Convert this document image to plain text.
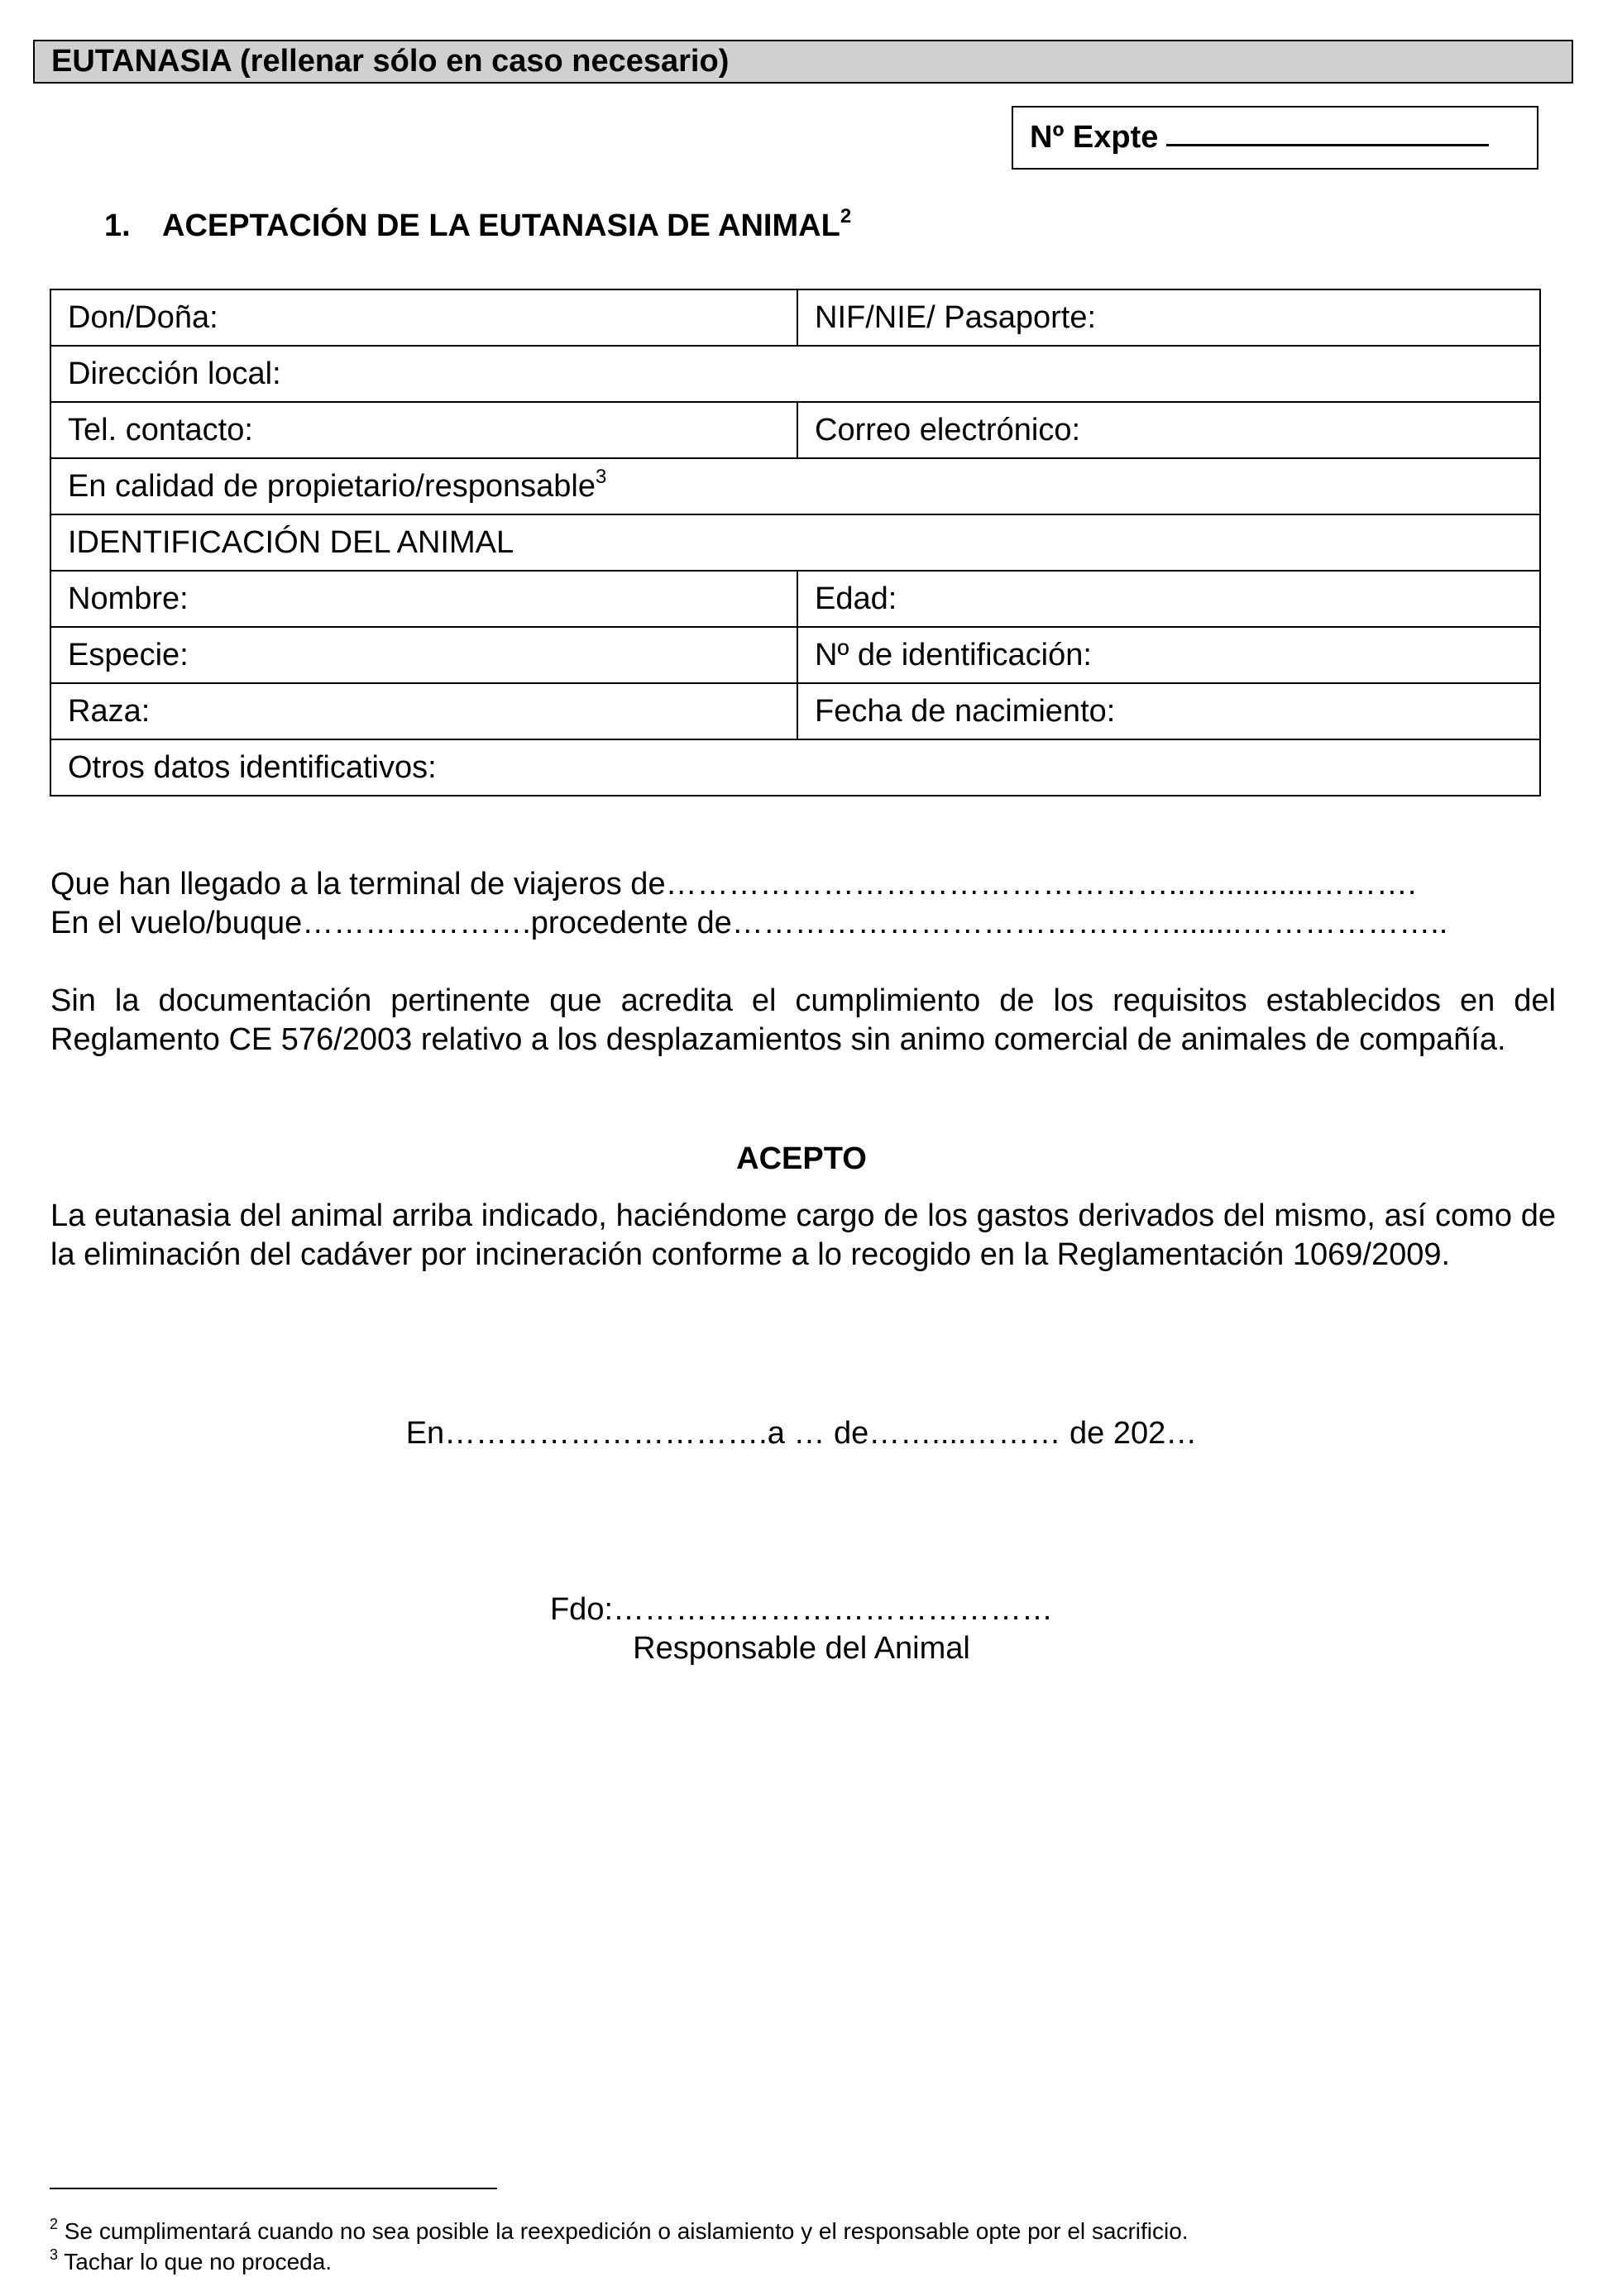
EUTANASIA (rellenar sólo en caso necesario)
Nº Expte
1. ACEPTACIÓN DE LA EUTANASIA DE ANIMAL$^2$
Don/Doña:	NIF/NIE/ Pasaporte:
Dirección local:	
Tel. contacto:	Correo electrónico:
En calidad de propietario/responsable$^3$
IDENTIFICACIÓN DEL ANIMAL	
Nombre:	Edad:
Especie:	Nº de identificación:
Raza:	Fecha de nacimiento:
Otros datos identificativos:	
Que han llegado a la terminal de viajeros de…………………………………………..…...........……….
En el vuelo/buque………………….procedente de……………………………………........………………..
Sin la documentación pertinente que acredita el cumplimiento de los requisitos establecidos en del Reglamento CE 576/2003 relativo a los desplazamientos sin animo comercial de animales de compañía.
ACEPTO
La eutanasia del animal arriba indicado, haciéndome cargo de los gastos derivados del mismo, así como de la eliminación del cadáver por incineración conforme a lo recogido en la Reglamentación 1069/2009.
En………………………….a … de……....……… de 202…
Fdo:……………………………………
Responsable del Animal
$^2$ Se cumplimentará cuando no sea posible la reexpedición o aislamiento y el responsable opte por el sacrificio.
$^3$ Tachar lo que no proceda.
